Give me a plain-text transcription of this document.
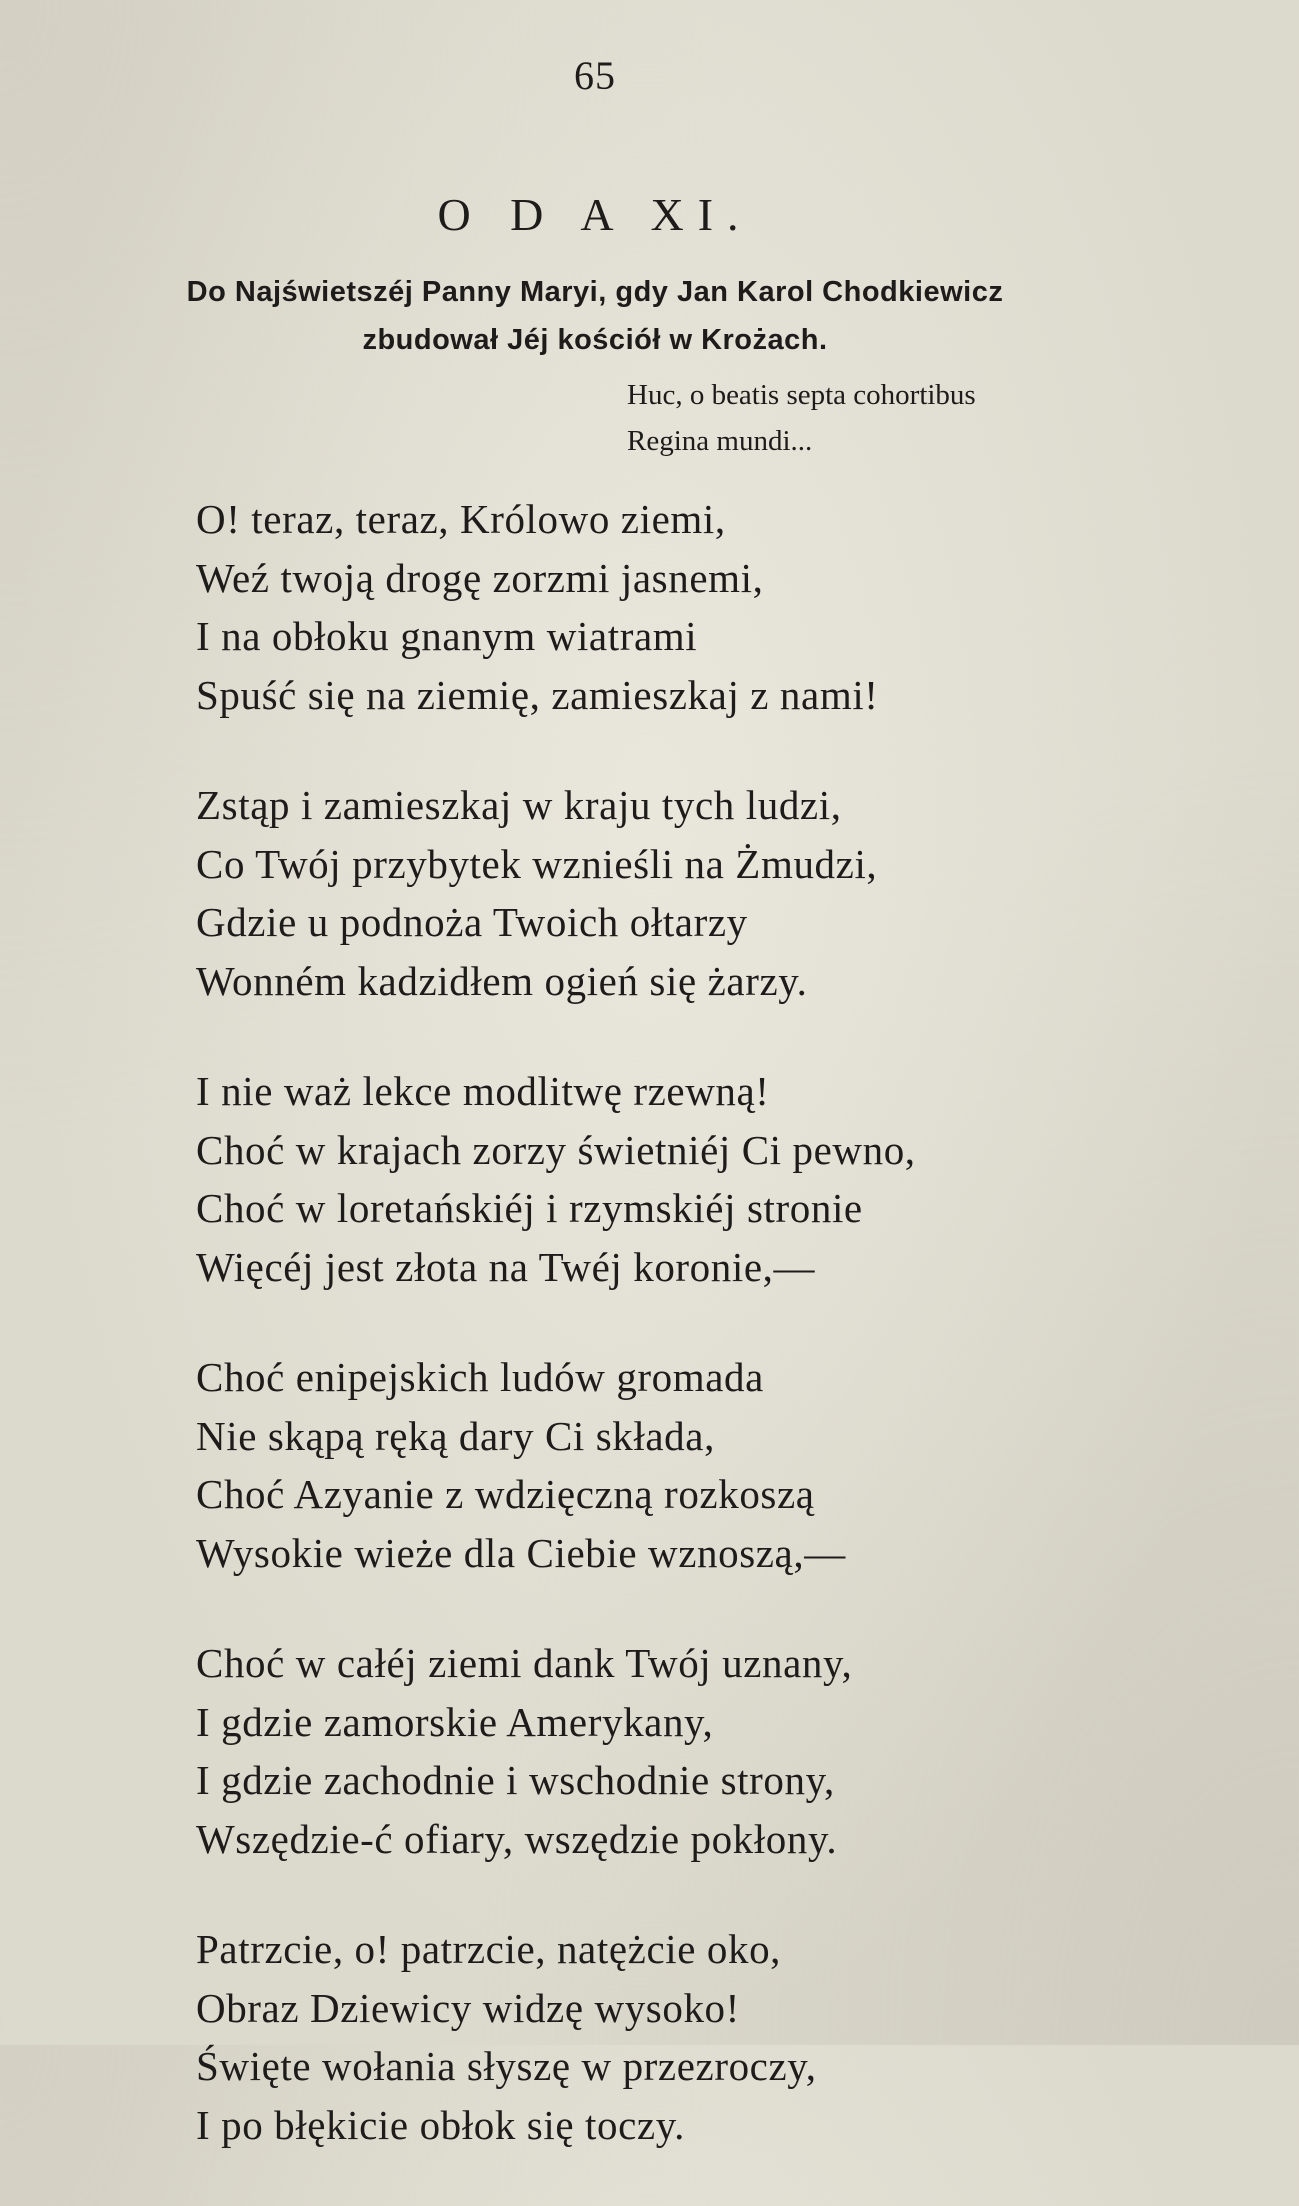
65
O D A XI.
Do Najświetszéj Panny Maryi, gdy Jan Karol Chodkiewicz
zbudował Jéj kościół w Krożach.
Huc, o beatis septa cohortibus
Regina mundi...
O! teraz, teraz, Królowo ziemi,
Weź twoją drogę zorzmi jasnemi,
I na obłoku gnanym wiatrami
Spuść się na ziemię, zamieszkaj z nami!
Zstąp i zamieszkaj w kraju tych ludzi,
Co Twój przybytek wznieśli na Żmudzi,
Gdzie u podnoża Twoich ołtarzy
Wonném kadzidłem ogień się żarzy.
I nie waż lekce modlitwę rzewną!
Choć w krajach zorzy świetniéj Ci pewno,
Choć w loretańskiéj i rzymskiéj stronie
Więcéj jest złota na Twéj koronie,—
Choć enipejskich ludów gromada
Nie skąpą ręką dary Ci składa,
Choć Azyanie z wdzięczną rozkoszą
Wysokie wieże dla Ciebie wznoszą,—
Choć w całéj ziemi dank Twój uznany,
I gdzie zamorskie Amerykany,
I gdzie zachodnie i wschodnie strony,
Wszędzie-ć ofiary, wszędzie pokłony.
Patrzcie, o! patrzcie, natężcie oko,
Obraz Dziewicy widzę wysoko!
Święte wołania słyszę w przezroczy,
I po błękicie obłok się toczy.
